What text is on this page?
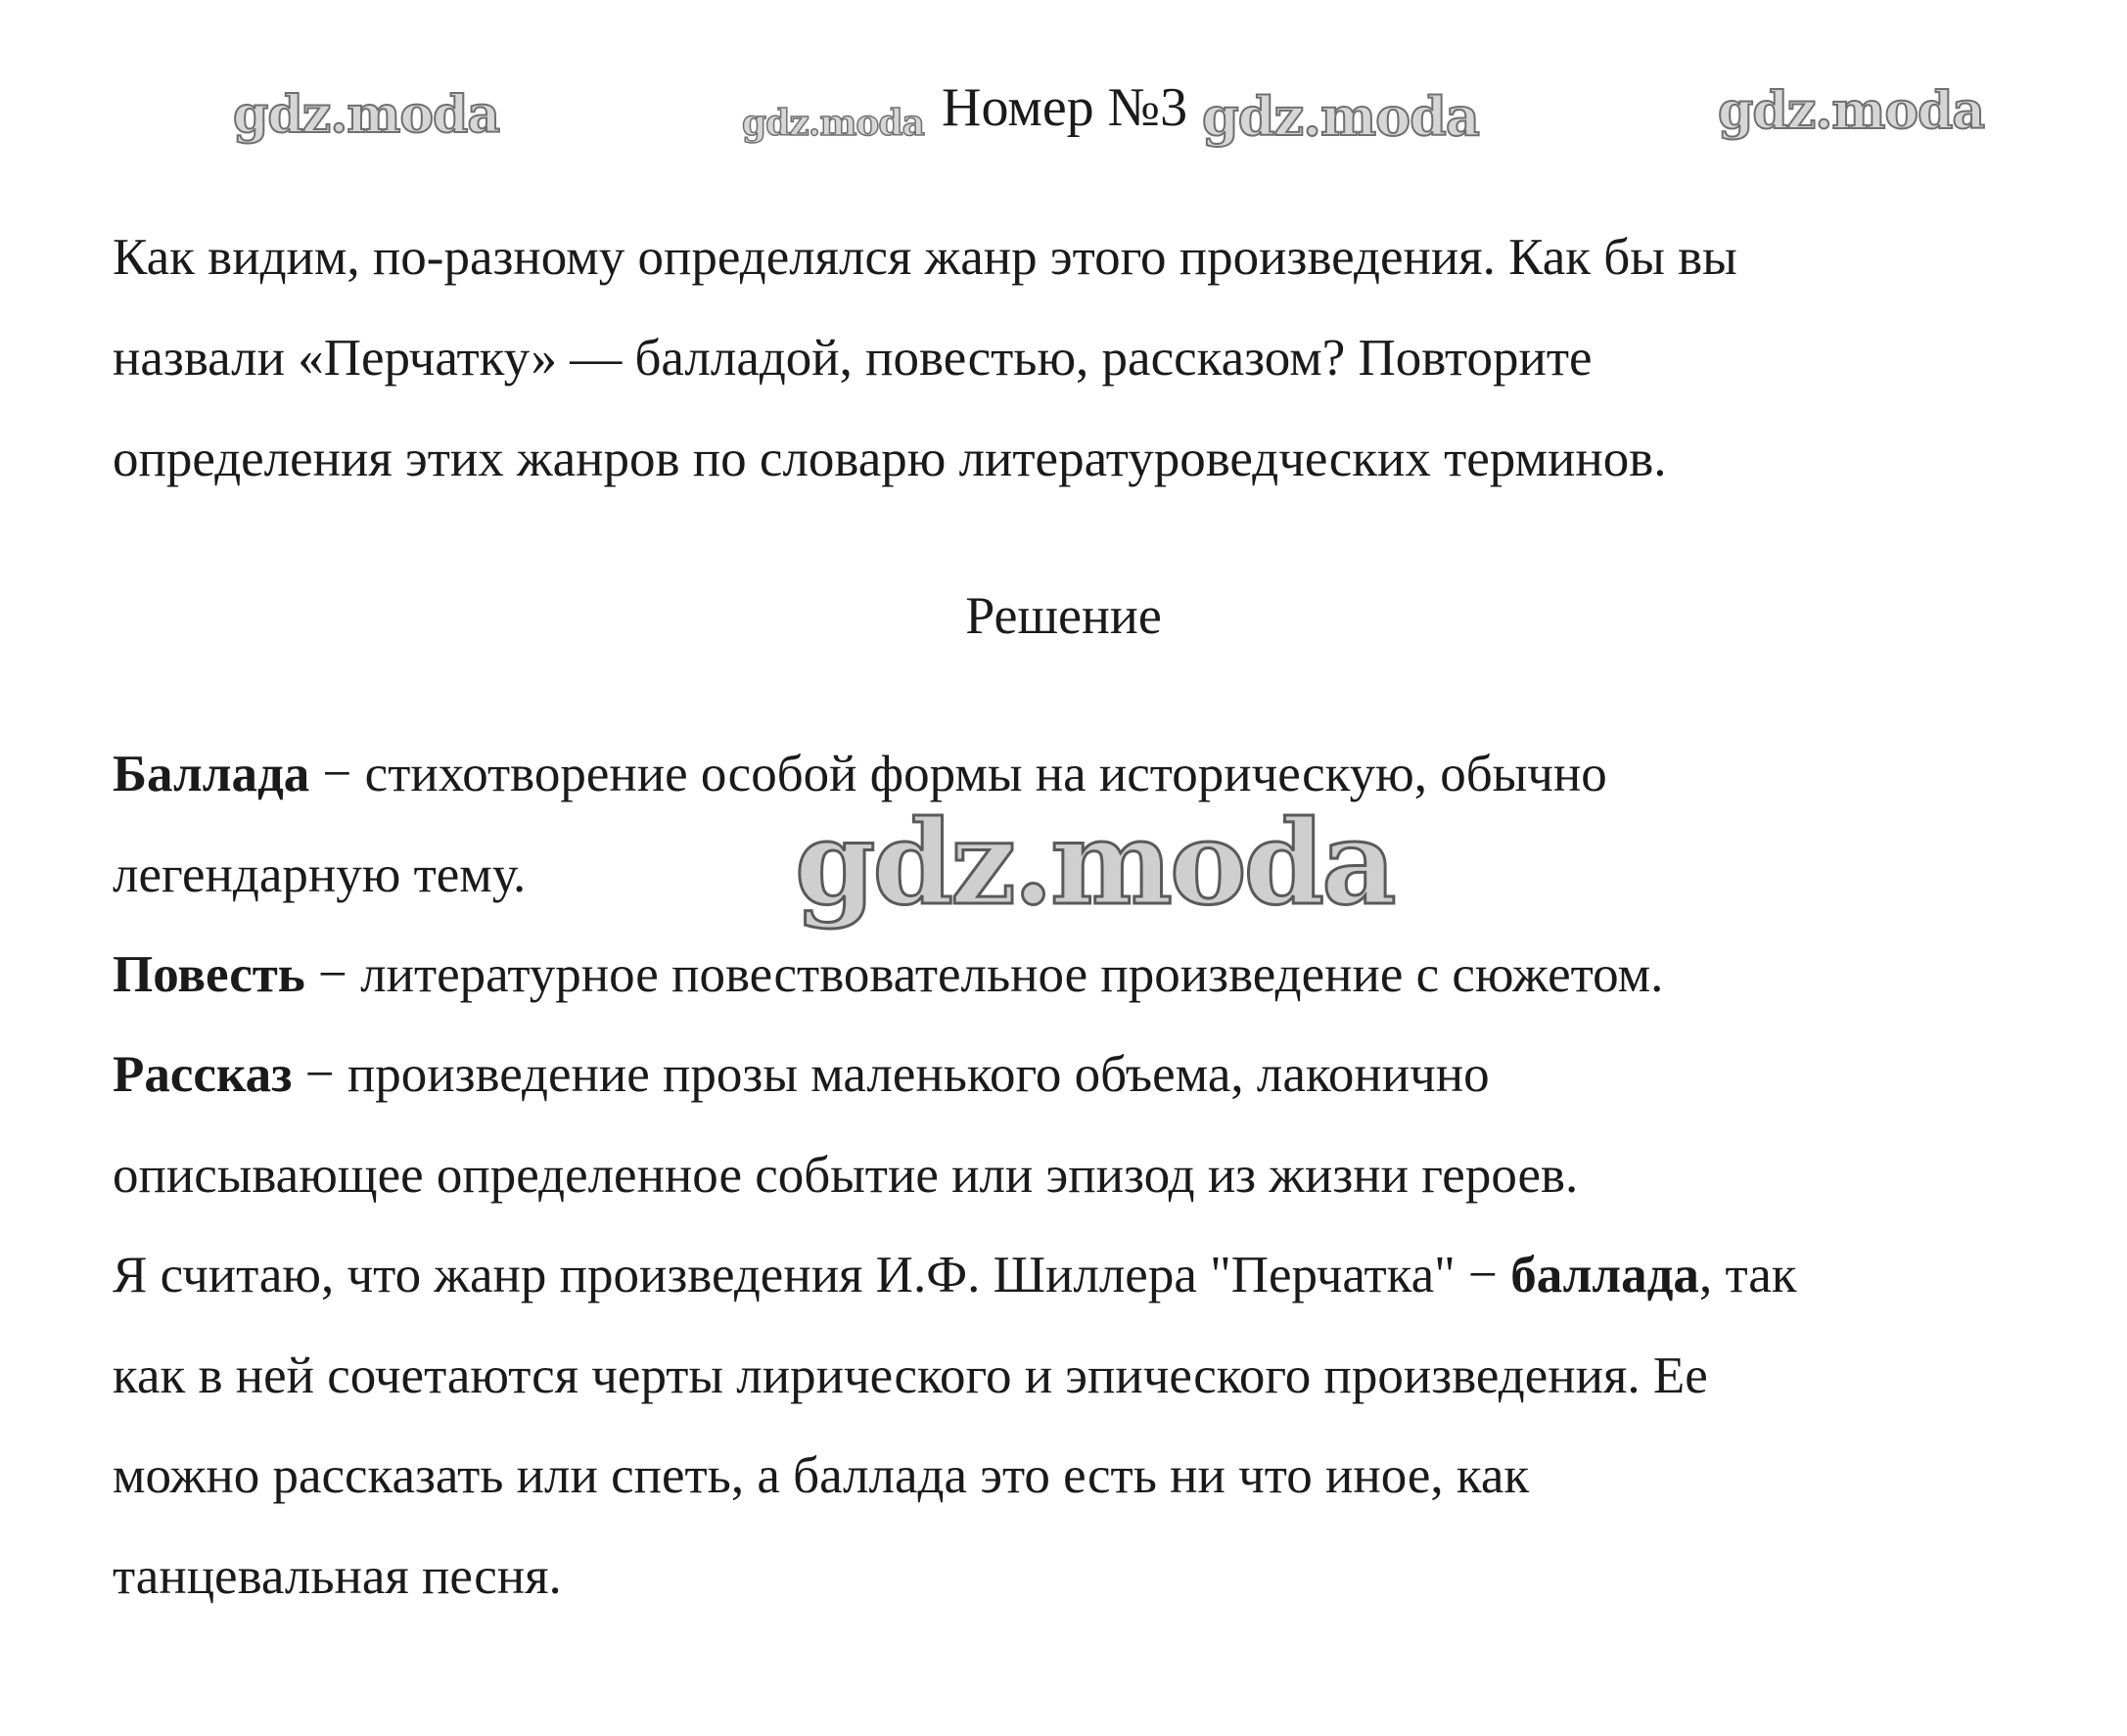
gdz.moda	gdz.moda	gdz.moda	gdz.moda
Номер №3
Как видим, по-разному определялся жанр этого произведения. Как бы вы
назвали «Перчатку» — балладой, повестью, рассказом? Повторите
определения этих жанров по словарю литературоведческих терминов.
Решение
Баллада − стихотворение особой формы на историческую, обычно
легендарную тему.
Повесть − литературное повествовательное произведение с сюжетом.
Рассказ − произведение прозы маленького объема, лаконично
описывающее определенное событие или эпизод из жизни героев.
Я считаю, что жанр произведения И.Ф. Шиллера "Перчатка" − баллада, так
как в ней сочетаются черты лирического и эпического произведения. Ее
можно рассказать или спеть, а баллада это есть ни что иное, как
танцевальная песня.
gdz.moda
